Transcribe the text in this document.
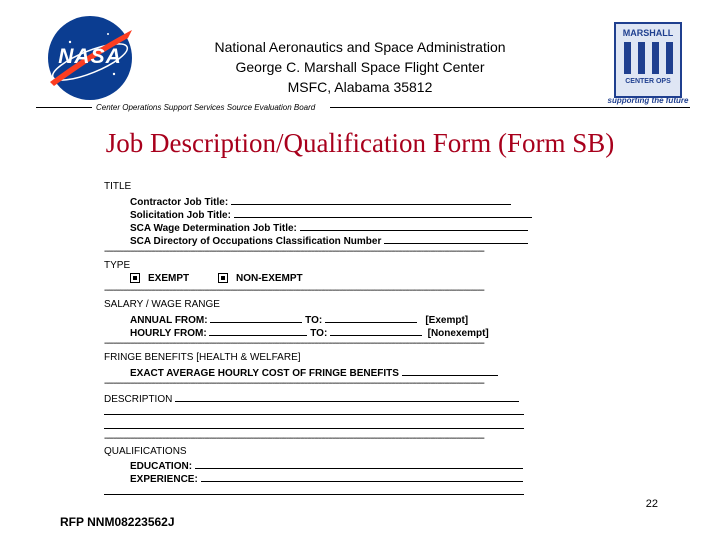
NASA	National Aeronautics and Space Administration
George C. Marshall Space Flight Center
MSFC, Alabama 35812
MARSHALL
CENTER OPS
supporting the future
Center Operations Support Services Source Evaluation Board
Job Description/Qualification Form (Form SB)
TITLE
Contractor Job Title:
Solicitation Job Title:
SCA Wage Determination Job Title:
SCA Directory of Occupations Classification Number
-------------------------------------------------------------------------------------------------------------------------------------------------------------------
TYPE
EXEMPT	NON-EXEMPT
-------------------------------------------------------------------------------------------------------------------------------------------------------------------
SALARY / WAGE RANGE
ANNUAL FROM:	TO:	[Exempt]
HOURLY FROM:	TO:	[Nonexempt]
-------------------------------------------------------------------------------------------------------------------------------------------------------------------
FRINGE BENEFITS [HEALTH & WELFARE]
EXACT AVERAGE HOURLY COST OF FRINGE BENEFITS
-------------------------------------------------------------------------------------------------------------------------------------------------------------------
DESCRIPTION
-------------------------------------------------------------------------------------------------------------------------------------------------------------------
QUALIFICATIONS
EDUCATION:
EXPERIENCE:
22
RFP NNM08223562J
